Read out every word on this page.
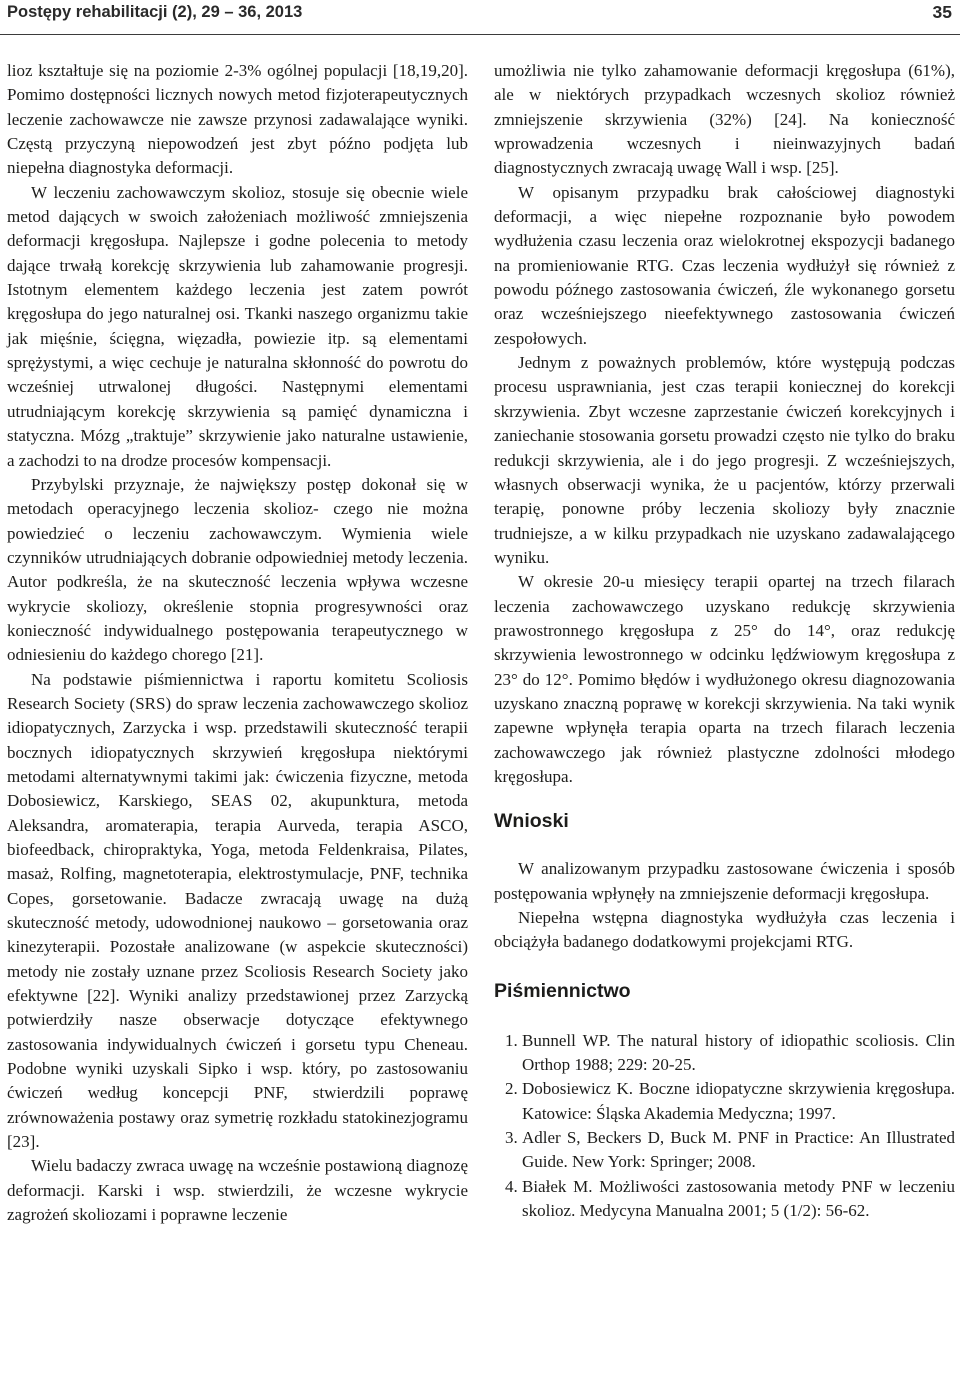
Postępy rehabilitacji (2), 29 – 36, 2013	35

lioz kształtuje się na poziomie 2-3% ogólnej populacji [18,19,20]. Pomimo dostępności licznych nowych metod fizjoterapeutycznych leczenie zachowawcze nie zawsze przynosi zadawalające wyniki. Częstą przyczyną niepowodzeń jest zbyt późno podjęta lub niepełna diagnostyka deformacji.

W leczeniu zachowawczym skolioz, stosuje się obecnie wiele metod dających w swoich założeniach możliwość zmniejszenia deformacji kręgosłupa. Najlepsze i godne polecenia to metody dające trwałą korekcję skrzywienia lub zahamowanie progresji. Istotnym elementem każdego leczenia jest zatem powrót kręgosłupa do jego naturalnej osi. Tkanki naszego organizmu takie jak mięśnie, ścięgna, więzadła, powiezie itp. są elementami sprężystymi, a więc cechuje je naturalna skłonność do powrotu do wcześniej utrwalonej długości. Następnymi elementami utrudniającym korekcję skrzywienia są pamięć dynamiczna i statyczna. Mózg „traktuje” skrzywienie jako naturalne ustawienie, a zachodzi to na drodze procesów kompensacji.

Przybylski przyznaje, że największy postęp dokonał się w metodach operacyjnego leczenia skolioz- czego nie można powiedzieć o leczeniu zachowawczym. Wymienia wiele czynników utrudniających dobranie odpowiedniej metody leczenia. Autor podkreśla, że na skuteczność leczenia wpływa wczesne wykrycie skoliozy, określenie stopnia progresywności oraz konieczność indywidualnego postępowania terapeutycznego w odniesieniu do każdego chorego [21].

Na podstawie piśmiennictwa i raportu komitetu Scoliosis Research Society (SRS) do spraw leczenia zachowawczego skolioz idiopatycznych, Zarzycka i wsp. przedstawili skuteczność terapii bocznych idiopatycznych skrzywień kręgosłupa niektórymi metodami alternatywnymi takimi jak: ćwiczenia fizyczne, metoda Dobosiewicz, Karskiego, SEAS 02, akupunktura, metoda Aleksandra, aromaterapia, terapia Aurveda, terapia ASCO, biofeedback, chiropraktyka, Yoga, metoda Feldenkraisa, Pilates, masaż, Rolfing, magnetoterapia, elektrostymulacje, PNF, technika Copes, gorsetowanie. Badacze zwracają uwagę na dużą skuteczność metody, udowodnionej naukowo – gorsetowania oraz kinezyterapii. Pozostałe analizowane (w aspekcie skuteczności) metody nie zostały uznane przez Scoliosis Research Society jako efektywne [22]. Wyniki analizy przedstawionej przez Zarzycką potwierdziły nasze obserwacje dotyczące efektywnego zastosowania indywidualnych ćwiczeń i gorsetu typu Cheneau. Podobne wyniki uzyskali Sipko i wsp. który, po zastosowaniu ćwiczeń według koncepcji PNF, stwierdzili poprawę zrównoważenia postawy oraz symetrię rozkładu statokinezjogramu [23].

Wielu badaczy zwraca uwagę na wcześnie postawioną diagnozę deformacji. Karski i wsp. stwierdzili, że wczesne wykrycie zagrożeń skoliozami i poprawne leczenie

umożliwia nie tylko zahamowanie deformacji kręgosłupa (61%), ale w niektórych przypadkach wczesnych skolioz również zmniejszenie skrzywienia (32%) [24]. Na konieczność wprowadzenia wczesnych i nieinwazyjnych badań diagnostycznych zwracają uwagę Wall i wsp. [25].

W opisanym przypadku brak całościowej diagnostyki deformacji, a więc niepełne rozpoznanie było powodem wydłużenia czasu leczenia oraz wielokrotnej ekspozycji badanego na promieniowanie RTG. Czas leczenia wydłużył się również z powodu późnego zastosowania ćwiczeń, źle wykonanego gorsetu oraz wcześniejszego nieefektywnego zastosowania ćwiczeń zespołowych.

Jednym z poważnych problemów, które występują podczas procesu usprawniania, jest czas terapii koniecznej do korekcji skrzywienia. Zbyt wczesne zaprzestanie ćwiczeń korekcyjnych i zaniechanie stosowania gorsetu prowadzi często nie tylko do braku redukcji skrzywienia, ale i do jego progresji. Z wcześniejszych, własnych obserwacji wynika, że u pacjentów, którzy przerwali terapię, ponowne próby leczenia skoliozy były znacznie trudniejsze, a w kilku przypadkach nie uzyskano zadawalającego wyniku.

W okresie 20-u miesięcy terapii opartej na trzech filarach leczenia zachowawczego uzyskano redukcję skrzywienia prawostronnego kręgosłupa z 25° do 14°, oraz redukcję skrzywienia lewostronnego w odcinku lędźwiowym kręgosłupa z 23° do 12°. Pomimo błędów i wydłużonego okresu diagnozowania uzyskano znaczną poprawę w korekcji skrzywienia. Na taki wynik zapewne wpłynęła terapia oparta na trzech filarach leczenia zachowawczego jak również plastyczne zdolności młodego kręgosłupa.

Wnioski

W analizowanym przypadku zastosowane ćwiczenia i sposób postępowania wpłynęły na zmniejszenie deformacji kręgosłupa.

Niepełna wstępna diagnostyka wydłużyła czas leczenia i obciążyła badanego dodatkowymi projekcjami RTG.

Piśmiennictwo
1. Bunnell WP. The natural history of idiopathic scoliosis. Clin Orthop 1988; 229: 20-25.
2. Dobosiewicz K. Boczne idiopatyczne skrzywienia kręgosłupa. Katowice: Śląska Akademia Medyczna; 1997.
3. Adler S, Beckers D, Buck M. PNF in Practice: An Illustrated Guide. New York: Springer; 2008.
4. Białek M. Możliwości zastosowania metody PNF w leczeniu skolioz. Medycyna Manualna 2001; 5 (1/2): 56-62.
